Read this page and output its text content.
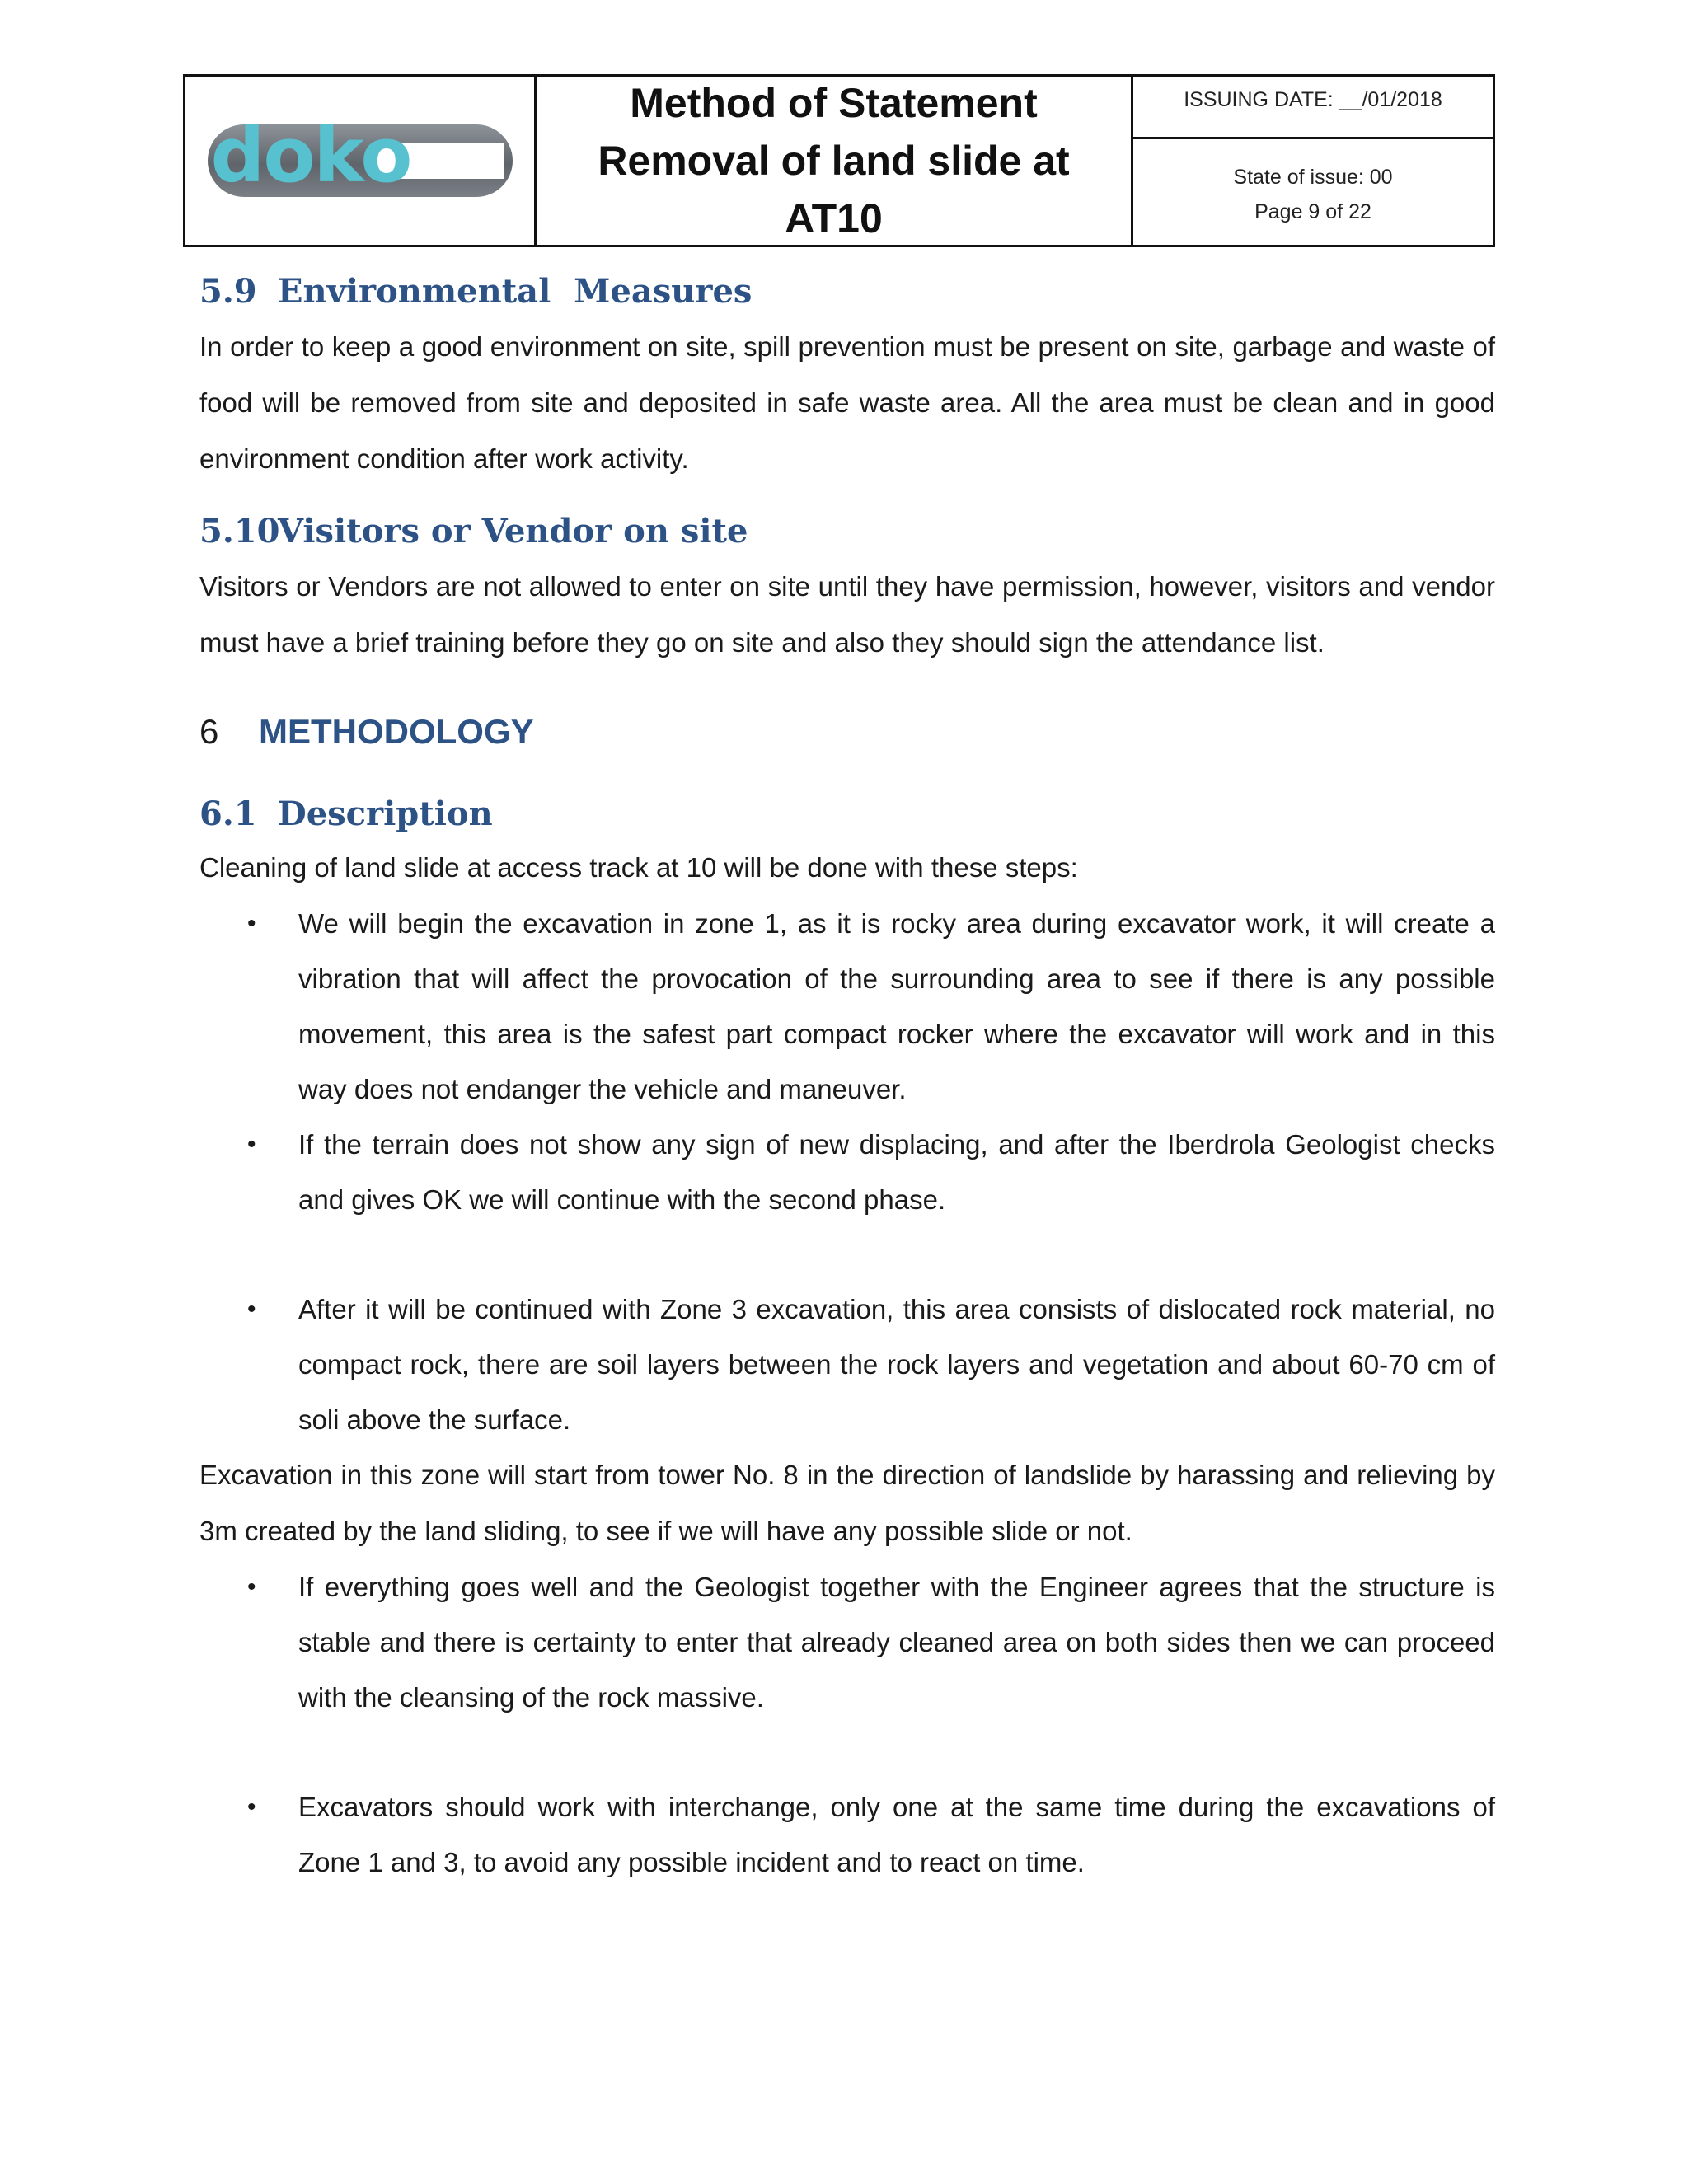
doko
Method of Statement
Removal of land slide at
AT10
ISSUING DATE: __/01/2018
State of issue: 00
Page 9 of 22
5.9 Environmental  Measures

In order to keep a good environment on site, spill prevention must be present on site, garbage and waste of food will be removed from site and deposited in safe waste area. All the area must be clean and in good environment condition after work activity.

5.10Visitors or Vendor on site

Visitors or Vendors are not allowed to enter on site until they have permission, however, visitors and vendor must have a brief training before they go on site and also they should sign the attendance list.

6 METHODOLOGY
6.1 Description

Cleaning of land slide at access track at 10 will be done with these steps:

• We will begin the excavation in zone 1, as it is rocky area during excavator work, it will create a vibration that will affect the provocation of the surrounding area to see if there is any possible movement, this area is the safest part compact rocker where the excavator will work and in this way does not endanger the vehicle and maneuver.
• If the terrain does not show any sign of new displacing, and after the Iberdrola Geologist checks and gives OK we will continue with the second phase.
• After it will be continued with Zone 3 excavation, this area consists of dislocated rock material, no compact rock, there are soil layers between the rock layers and vegetation and about 60-70 cm of soli above the surface.

Excavation in this zone will start from tower No. 8 in the direction of landslide by harassing and relieving by 3m created by the land sliding, to see if we will have any possible slide or not.

• If everything goes well and the Geologist together with the Engineer agrees that the structure is stable and there is certainty to enter that already cleaned area on both sides then we can proceed with the cleansing of the rock massive.
• Excavators should work with interchange, only one at the same time during the excavations of Zone 1 and 3, to avoid any possible incident and to react on time.
